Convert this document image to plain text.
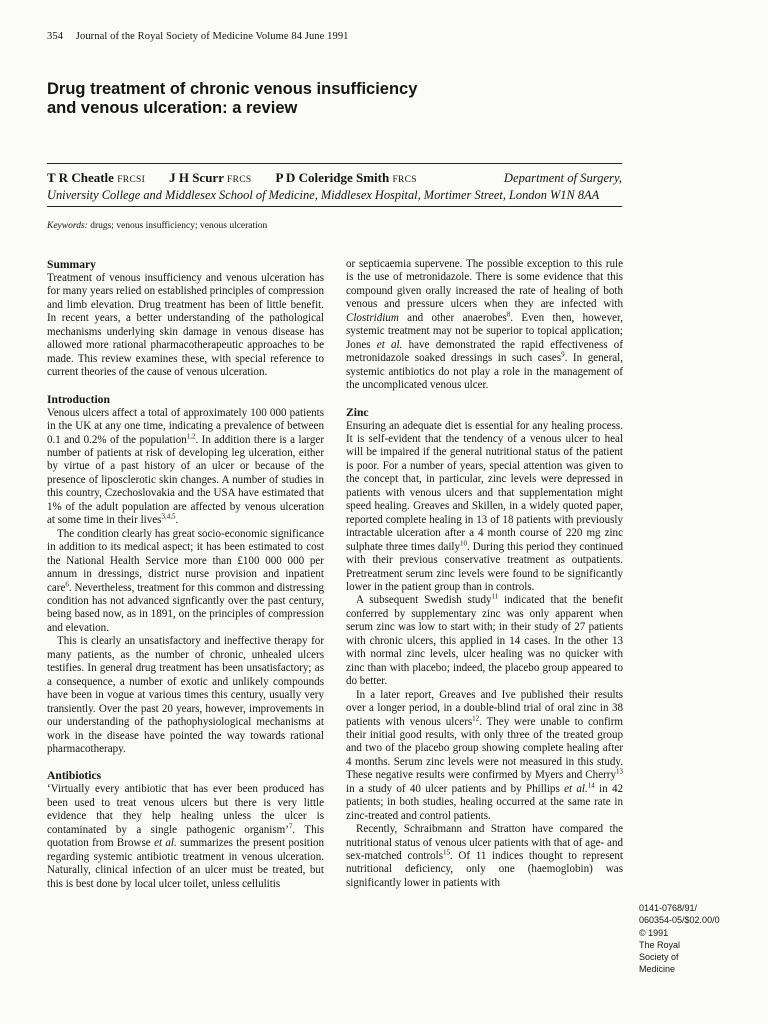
354 Journal of the Royal Society of Medicine Volume 84 June 1991
Drug treatment of chronic venous insufficiency
and venous ulceration: a review
T R Cheatle FRCSI J H Scurr FRCS P D Coleridge Smith FRCS	Department of Surgery,
University College and Middlesex School of Medicine, Middlesex Hospital, Mortimer Street, London W1N 8AA
Keywords: drugs; venous insufficiency; venous ulceration
Summary

Treatment of venous insufficiency and venous ulceration has for many years relied on established principles of compression and limb elevation. Drug treatment has been of little benefit. In recent years, a better understanding of the pathological mechanisms underlying skin damage in venous disease has allowed more rational pharmacotherapeutic approaches to be made. This review examines these, with special reference to current theories of the cause of venous ulceration.

Introduction

Venous ulcers affect a total of approximately 100 000 patients in the UK at any one time, indicating a prevalence of between 0.1 and 0.2% of the population$^{1,2}$. In addition there is a larger number of patients at risk of developing leg ulceration, either by virtue of a past history of an ulcer or because of the presence of liposclerotic skin changes. A number of studies in this country, Czechoslovakia and the USA have estimated that 1% of the adult population are affected by venous ulceration at some time in their lives$^{3,4,5}$.

The condition clearly has great socio-economic significance in addition to its medical aspect; it has been estimated to cost the National Health Service more than £100 000 000 per annum in dressings, district nurse provision and inpatient care$^6$. Nevertheless, treatment for this common and distressing condition has not advanced signficantly over the past century, being based now, as in 1891, on the principles of compression and elevation.

This is clearly an unsatisfactory and ineffective therapy for many patients, as the number of chronic, unhealed ulcers testifies. In general drug treatment has been unsatisfactory; as a consequence, a number of exotic and unlikely compounds have been in vogue at various times this century, usually very transiently. Over the past 20 years, however, improvements in our understanding of the pathophysiological mechanisms at work in the disease have pointed the way towards rational pharmacotherapy.

Antibiotics

‘Virtually every antibiotic that has ever been produced has been used to treat venous ulcers but there is very little evidence that they help healing unless the ulcer is contaminated by a single pathogenic organism’$^7$. This quotation from Browse et al. summarizes the present position regarding systemic antibiotic treatment in venous ulceration. Naturally, clinical infection of an ulcer must be treated, but this is best done by local ulcer toilet, unless cellulitis

or septicaemia supervene. The possible exception to this rule is the use of metronidazole. There is some evidence that this compound given orally increased the rate of healing of both venous and pressure ulcers when they are infected with Clostridium and other anaerobes$^8$. Even then, however, systemic treatment may not be superior to topical application; Jones et al. have demonstrated the rapid effectiveness of metronidazole soaked dressings in such cases$^9$. In general, systemic antibiotics do not play a role in the management of the uncomplicated venous ulcer.

Zinc

Ensuring an adequate diet is essential for any healing process. It is self-evident that the tendency of a venous ulcer to heal will be impaired if the general nutritional status of the patient is poor. For a number of years, special attention was given to the concept that, in particular, zinc levels were depressed in patients with venous ulcers and that supplementation might speed healing. Greaves and Skillen, in a widely quoted paper, reported complete healing in 13 of 18 patients with previously intractable ulceration after a 4 month course of 220 mg zinc sulphate three times daily$^{10}$. During this period they continued with their previous conservative treatment as outpatients. Pretreatment serum zinc levels were found to be significantly lower in the patient group than in controls.

A subsequent Swedish study$^{11}$ indicated that the benefit conferred by supplementary zinc was only apparent when serum zinc was low to start with; in their study of 27 patients with chronic ulcers, this applied in 14 cases. In the other 13 with normal zinc levels, ulcer healing was no quicker with zinc than with placebo; indeed, the placebo group appeared to do better.

In a later report, Greaves and Ive published their results over a longer period, in a double-blind trial of oral zinc in 38 patients with venous ulcers$^{12}$. They were unable to confirm their initial good results, with only three of the treated group and two of the placebo group showing complete healing after 4 months. Serum zinc levels were not measured in this study. These negative results were confirmed by Myers and Cherry$^{13}$ in a study of 40 ulcer patients and by Phillips et al.$^{14}$ in 42 patients; in both studies, healing occurred at the same rate in zinc-treated and control patients.

Recently, Schraibmann and Stratton have compared the nutritional status of venous ulcer patients with that of age- and sex-matched controls$^{15}$. Of 11 indices thought to represent nutritional deficiency, only one (haemoglobin) was significantly lower in patients with

0141-0768/91/
060354-05/$02.00/0
© 1991
The Royal
Society of
Medicine
